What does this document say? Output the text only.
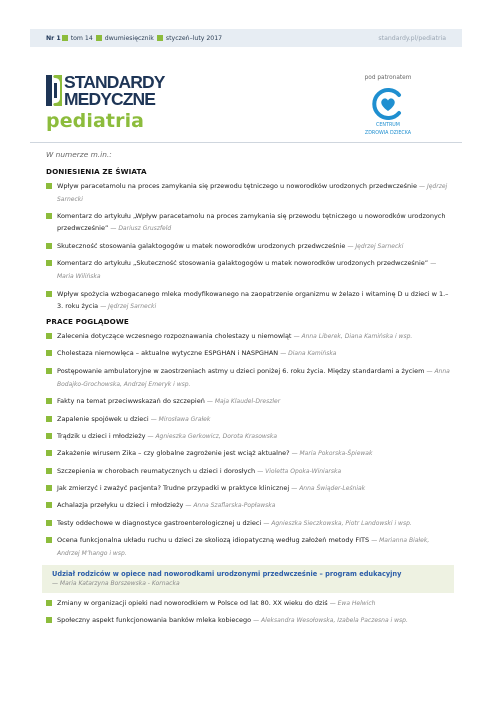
Nr 1 tom 14 dwumiesięcznik styczeń–luty 2017	standardy.pl/pediatria
STANDARDY
MEDYCZNE
pediatria
pod patronatem
CENTRUM
ZDROWIA DZIECKA
W numerze m.in.:
DONIESIENIA ZE ŚWIATA
Wpływ paracetamolu na proces zamykania się przewodu tętniczego u noworodków urodzonych przedwcześnie — Jędrzej Sarnecki
Komentarz do artykułu „Wpływ paracetamolu na proces zamykania się przewodu tętniczego u noworodków urodzonych przedwcześnie” — Dariusz Gruszfeld
Skuteczność stosowania galaktogogów u matek noworodków urodzonych przedwcześnie — Jędrzej Sarnecki
Komentarz do artykułu „Skuteczność stosowania galaktogogów u matek noworodków urodzonych przedwcześnie” — Maria Wilińska
Wpływ spożycia wzbogacanego mleka modyfikowanego na zaopatrzenie organizmu w żelazo i witaminę D u dzieci w 1.–3. roku życia — Jędrzej Sarnecki
PRACE POGLĄDOWE
Zalecenia dotyczące wczesnego rozpoznawania cholestazy u niemowląt — Anna Liberek, Diana Kamińska i wsp.
Cholestaza niemowlęca – aktualne wytyczne ESPGHAN i NASPGHAN — Diana Kamińska
Postępowanie ambulatoryjne w zaostrzeniach astmy u dzieci poniżej 6. roku życia. Między standardami a życiem — Anna Bodajko-Grochowska, Andrzej Emeryk i wsp.
Fakty na temat przeciwwskazań do szczepień — Maja Klaudel-Dreszler
Zapalenie spojówek u dzieci — Mirosława Grałek
Trądzik u dzieci i młodzieży — Agnieszka Gerkowicz, Dorota Krasowska
Zakażenie wirusem Zika – czy globalne zagrożenie jest wciąż aktualne? — Maria Pokorska-Śpiewak
Szczepienia w chorobach reumatycznych u dzieci i dorosłych — Violetta Opoka-Winiarska
Jak zmierzyć i zważyć pacjenta? Trudne przypadki w praktyce klinicznej — Anna Świąder-Leśniak
Achalazja przełyku u dzieci i młodzieży — Anna Szaflarska-Popławska
Testy oddechowe w diagnostyce gastroenterologicznej u dzieci — Agnieszka Sieczkowska, Piotr Landowski i wsp.
Ocena funkcjonalna układu ruchu u dzieci ze skoliozą idiopatyczną według założeń metody FITS — Marianna Białek, Andrzej M’hango i wsp.
Udział rodziców w opiece nad noworodkami urodzonymi przedwcześnie – program edukacyjny
— Maria Katarzyna Borszewska - Kornacka
Zmiany w organizacji opieki nad noworodkiem w Polsce od lat 80. XX wieku do dziś — Ewa Helwich
Społeczny aspekt funkcjonowania banków mleka kobiecego — Aleksandra Wesołowska, Izabela Paczesna i wsp.
